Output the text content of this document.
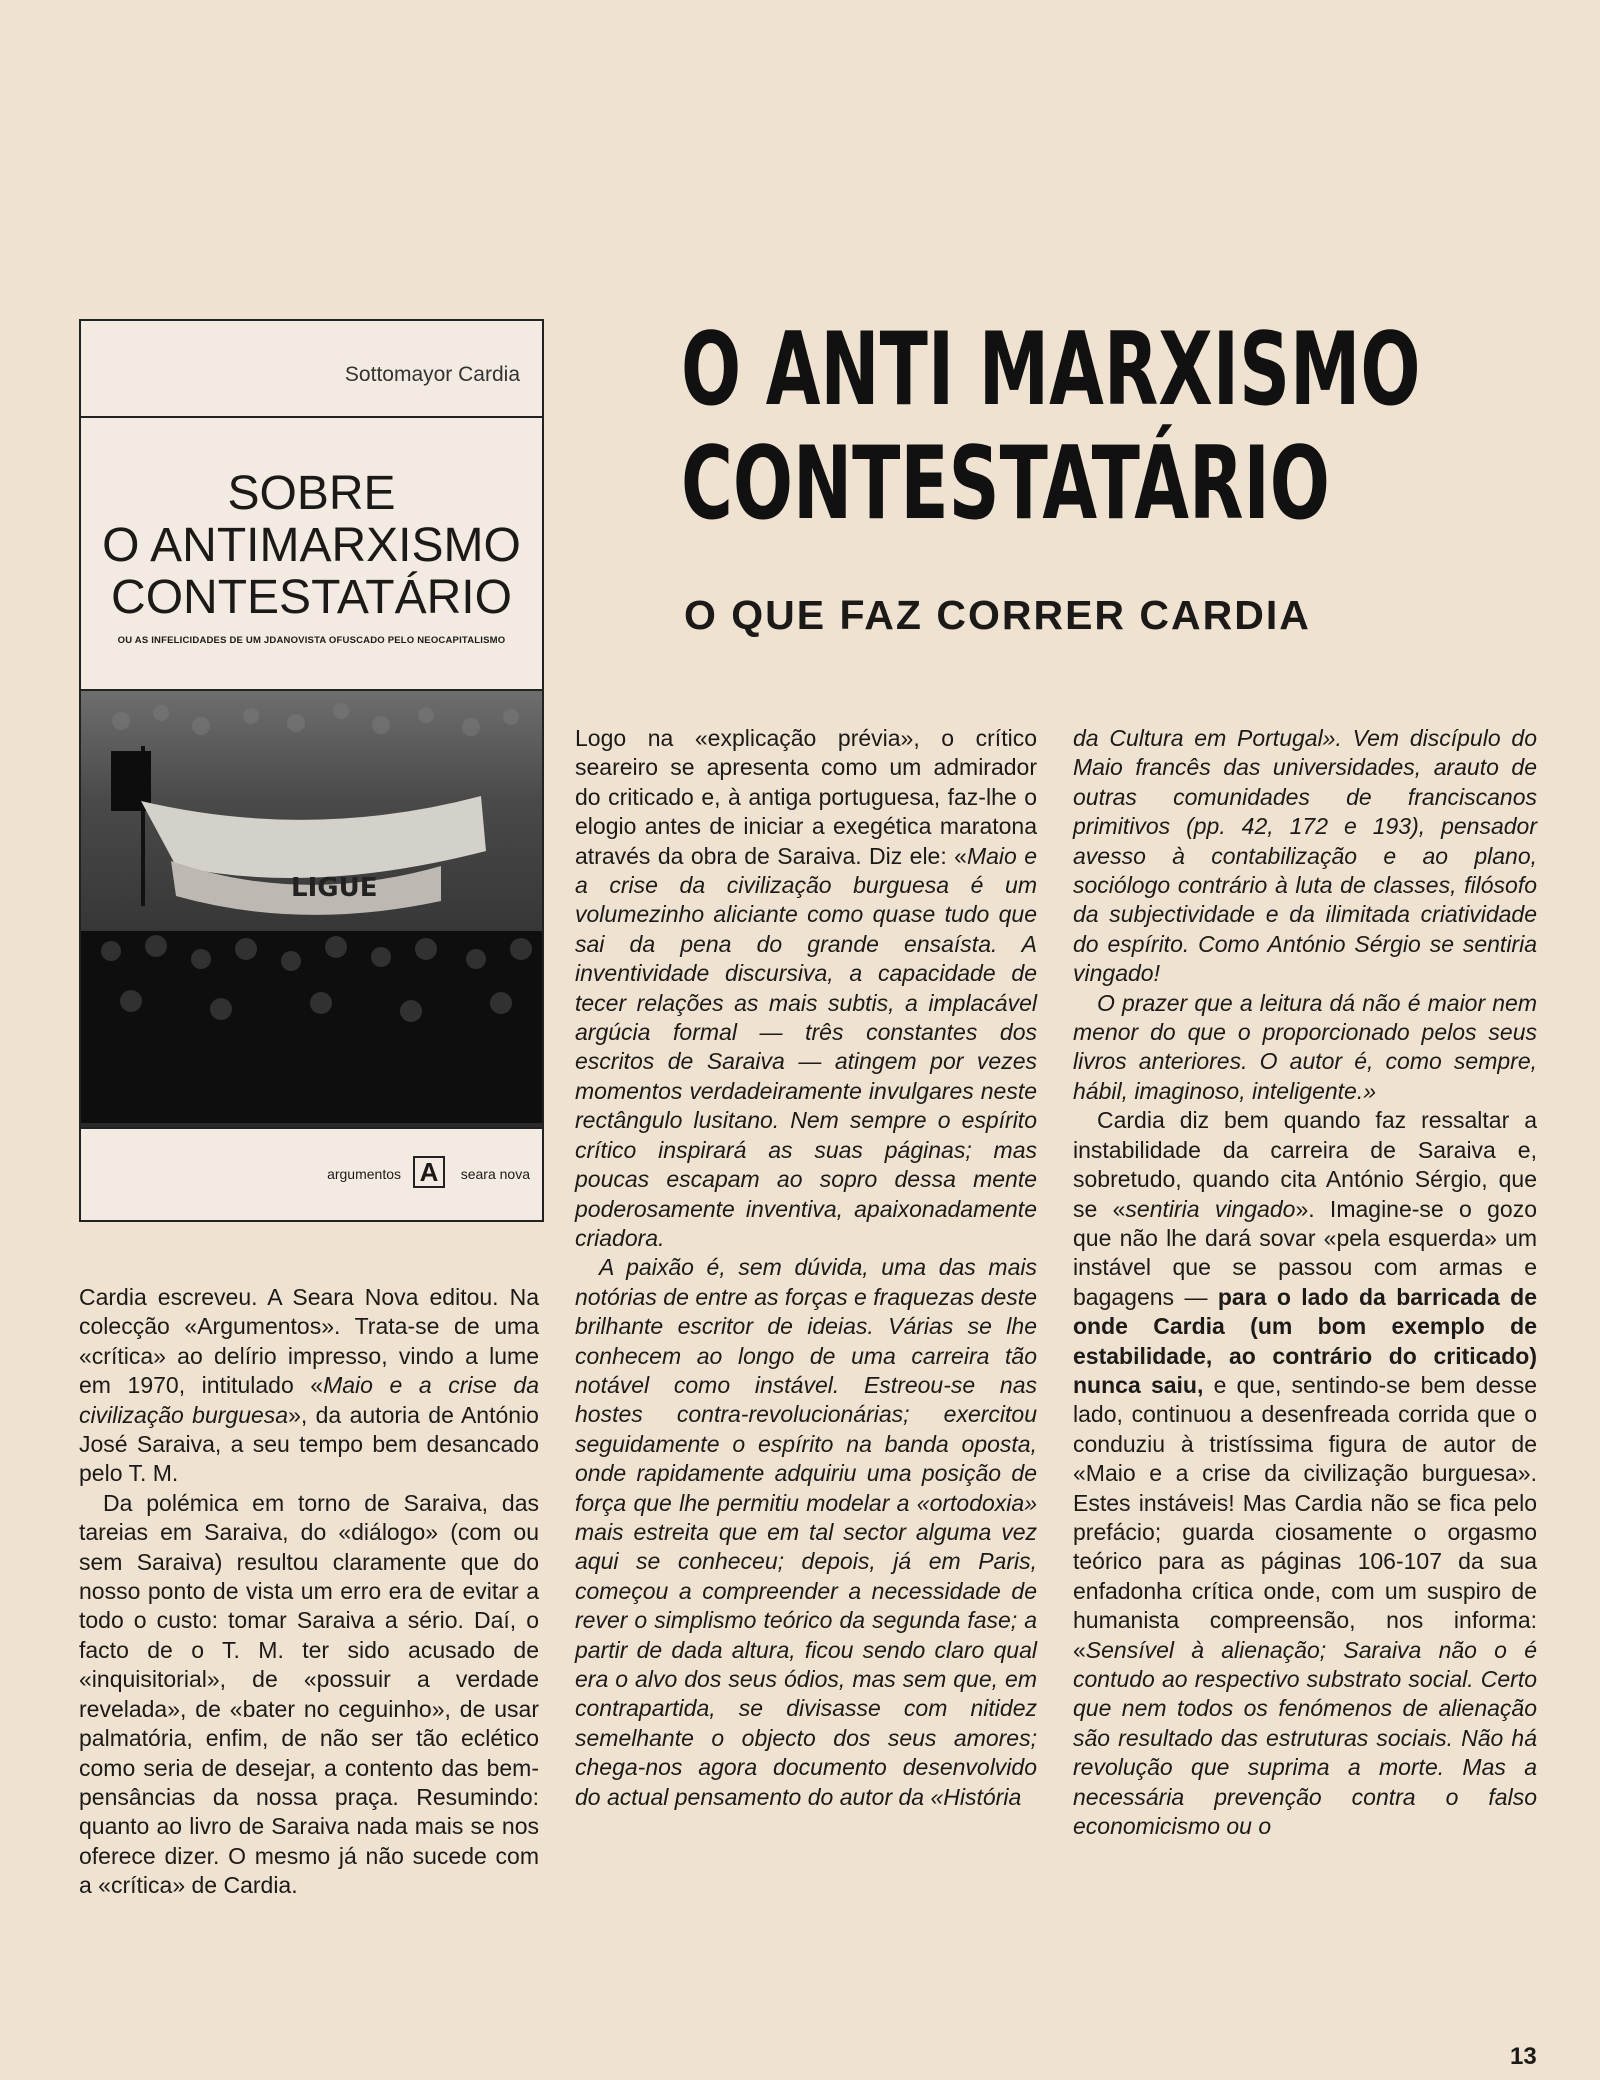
Sottomayor Cardia
SOBRE
O ANTIMARXISMO
CONTESTATÁRIO
OU AS INFELICIDADES DE UM JDANOVISTA OFUSCADO PELO NEOCAPITALISMO
LIGUE
argumentos A	seara nova
O ANTI MARXISMO
CONTESTATÁRIO
O QUE FAZ CORRER CARDIA

Cardia escreveu. A Seara Nova editou. Na colecção «Argumentos». Trata-se de uma «crítica» ao delírio impresso, vindo a lume em 1970, intitulado «Maio e a crise da civilização burguesa», da autoria de António José Saraiva, a seu tempo bem desancado pelo T. M.

Da polémica em torno de Saraiva, das tareias em Saraiva, do «diálogo» (com ou sem Saraiva) resultou claramente que do nosso ponto de vista um erro era de evitar a todo o custo: tomar Saraiva a sério. Daí, o facto de o T. M. ter sido acusado de «inquisitorial», de «possuir a verdade revelada», de «bater no ceguinho», de usar palmatória, enfim, de não ser tão eclético como seria de desejar, a contento das bem-pensâncias da nossa praça. Resumindo: quanto ao livro de Saraiva nada mais se nos oferece dizer. O mesmo já não sucede com a «crítica» de Cardia.

Logo na «explicação prévia», o crítico seareiro se apresenta como um admirador do criticado e, à antiga portuguesa, faz-lhe o elogio antes de iniciar a exegética maratona através da obra de Saraiva. Diz ele: «Maio e a crise da civilização burguesa é um volumezinho aliciante como quase tudo que sai da pena do grande ensaísta. A inventividade discursiva, a capacidade de tecer relações as mais subtis, a implacável argúcia formal — três constantes dos escritos de Saraiva — atingem por vezes momentos verdadeiramente invulgares neste rectângulo lusitano. Nem sempre o espírito crítico inspirará as suas páginas; mas poucas escapam ao sopro dessa mente poderosamente inventiva, apaixonadamente criadora.

A paixão é, sem dúvida, uma das mais notórias de entre as forças e fraquezas deste brilhante escritor de ideias. Várias se lhe conhecem ao longo de uma carreira tão notável como instável. Estreou-se nas hostes contra-revolucionárias; exercitou seguidamente o espírito na banda oposta, onde rapidamente adquiriu uma posição de força que lhe permitiu modelar a «ortodoxia» mais estreita que em tal sector alguma vez aqui se conheceu; depois, já em Paris, começou a compreender a necessidade de rever o simplismo teórico da segunda fase; a partir de dada altura, ficou sendo claro qual era o alvo dos seus ódios, mas sem que, em contrapartida, se divisasse com nitidez semelhante o objecto dos seus amores; chega-nos agora documento desenvolvido do actual pensamento do autor da «História

da Cultura em Portugal». Vem discípulo do Maio francês das universidades, arauto de outras comunidades de franciscanos primitivos (pp. 42, 172 e 193), pensador avesso à contabilização e ao plano, sociólogo contrário à luta de classes, filósofo da subjectividade e da ilimitada criatividade do espírito. Como António Sérgio se sentiria vingado!

O prazer que a leitura dá não é maior nem menor do que o proporcionado pelos seus livros anteriores. O autor é, como sempre, hábil, imaginoso, inteligente.»

Cardia diz bem quando faz ressaltar a instabilidade da carreira de Saraiva e, sobretudo, quando cita António Sérgio, que se «sentiria vingado». Imagine-se o gozo que não lhe dará sovar «pela esquerda» um instável que se passou com armas e bagagens — para o lado da barricada de onde Cardia (um bom exemplo de estabilidade, ao contrário do criticado) nunca saiu, e que, sentindo-se bem desse lado, continuou a desenfreada corrida que o conduziu à tristíssima figura de autor de «Maio e a crise da civilização burguesa». Estes instáveis! Mas Cardia não se fica pelo prefácio; guarda ciosamente o orgasmo teórico para as páginas 106-107 da sua enfadonha crítica onde, com um suspiro de humanista compreensão, nos informa: «Sensível à alienação; Saraiva não o é contudo ao respectivo substrato social. Certo que nem todos os fenómenos de alienação são resultado das estruturas sociais. Não há revolução que suprima a morte. Mas a necessária prevenção contra o falso economicismo ou o

13
